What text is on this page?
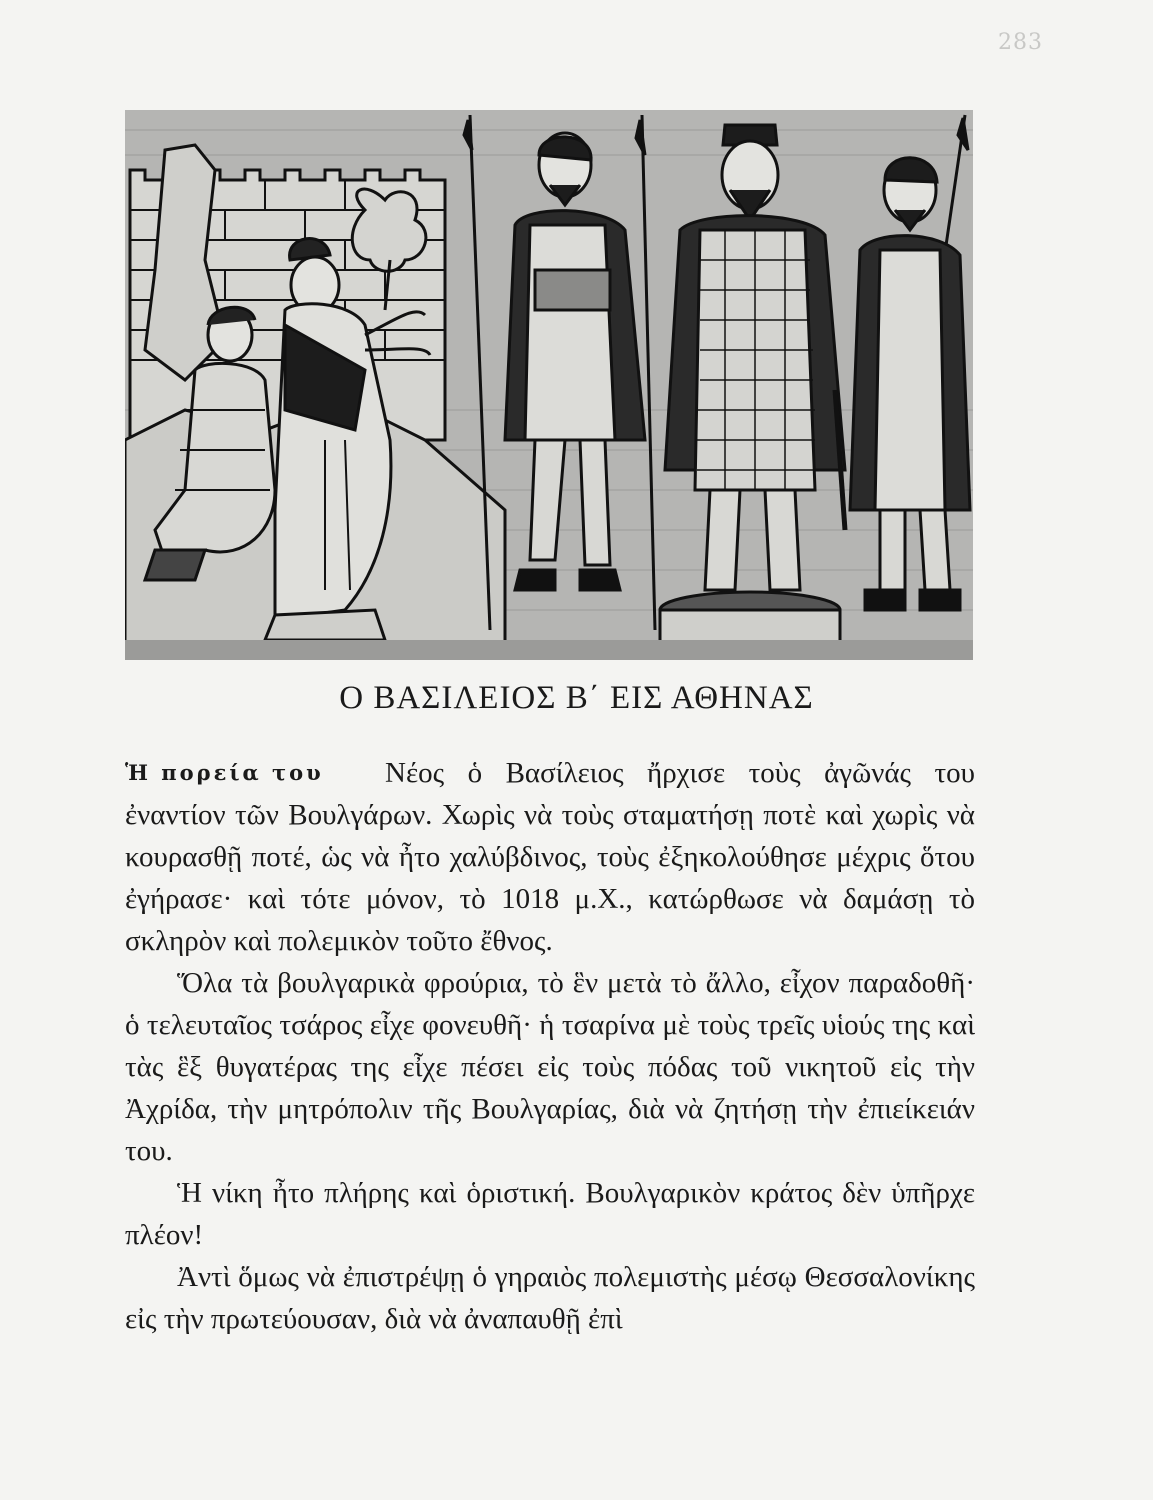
283
Ο ΒΑΣΙΛΕΙΟΣ Β΄ ΕΙΣ ΑΘΗΝΑΣ

Ἡ πορεία του	Νέος ὁ Βασίλειος ἤρχισε τοὺς ἀγῶνάς του ἐναντίον τῶν Βουλγάρων. Χωρὶς νὰ τοὺς σταματήσῃ ποτὲ καὶ χωρὶς νὰ κουρασθῇ ποτέ, ὡς νὰ ἦτο χαλύβδινος, τοὺς ἐξηκολούθησε μέχρις ὅτου ἐγήρασε· καὶ τότε μόνον, τὸ 1018 μ.Χ., κατώρθωσε νὰ δαμάσῃ τὸ σκληρὸν καὶ πολεμικὸν τοῦτο ἔθνος.

Ὅλα τὰ βουλγαρικὰ φρούρια, τὸ ἓν μετὰ τὸ ἄλλο, εἶχον παραδοθῆ· ὁ τελευταῖος τσάρος εἶχε φονευθῆ· ἡ τσαρίνα μὲ τοὺς τρεῖς υἱούς της καὶ τὰς ἓξ θυγατέρας της εἶχε πέσει εἰς τοὺς πόδας τοῦ νικητοῦ εἰς τὴν Ἀχρίδα, τὴν μητρόπολιν τῆς Βουλγαρίας, διὰ νὰ ζητήσῃ τὴν ἐπιείκειάν του.

Ἡ νίκη ἦτο πλήρης καὶ ὁριστική. Βουλγαρικὸν κράτος δὲν ὑπῆρχε πλέον!

Ἀντὶ ὅμως νὰ ἐπιστρέψῃ ὁ γηραιὸς πολεμιστὴς μέσῳ Θεσσαλονίκης εἰς τὴν πρωτεύουσαν, διὰ νὰ ἀναπαυθῇ ἐπὶ
